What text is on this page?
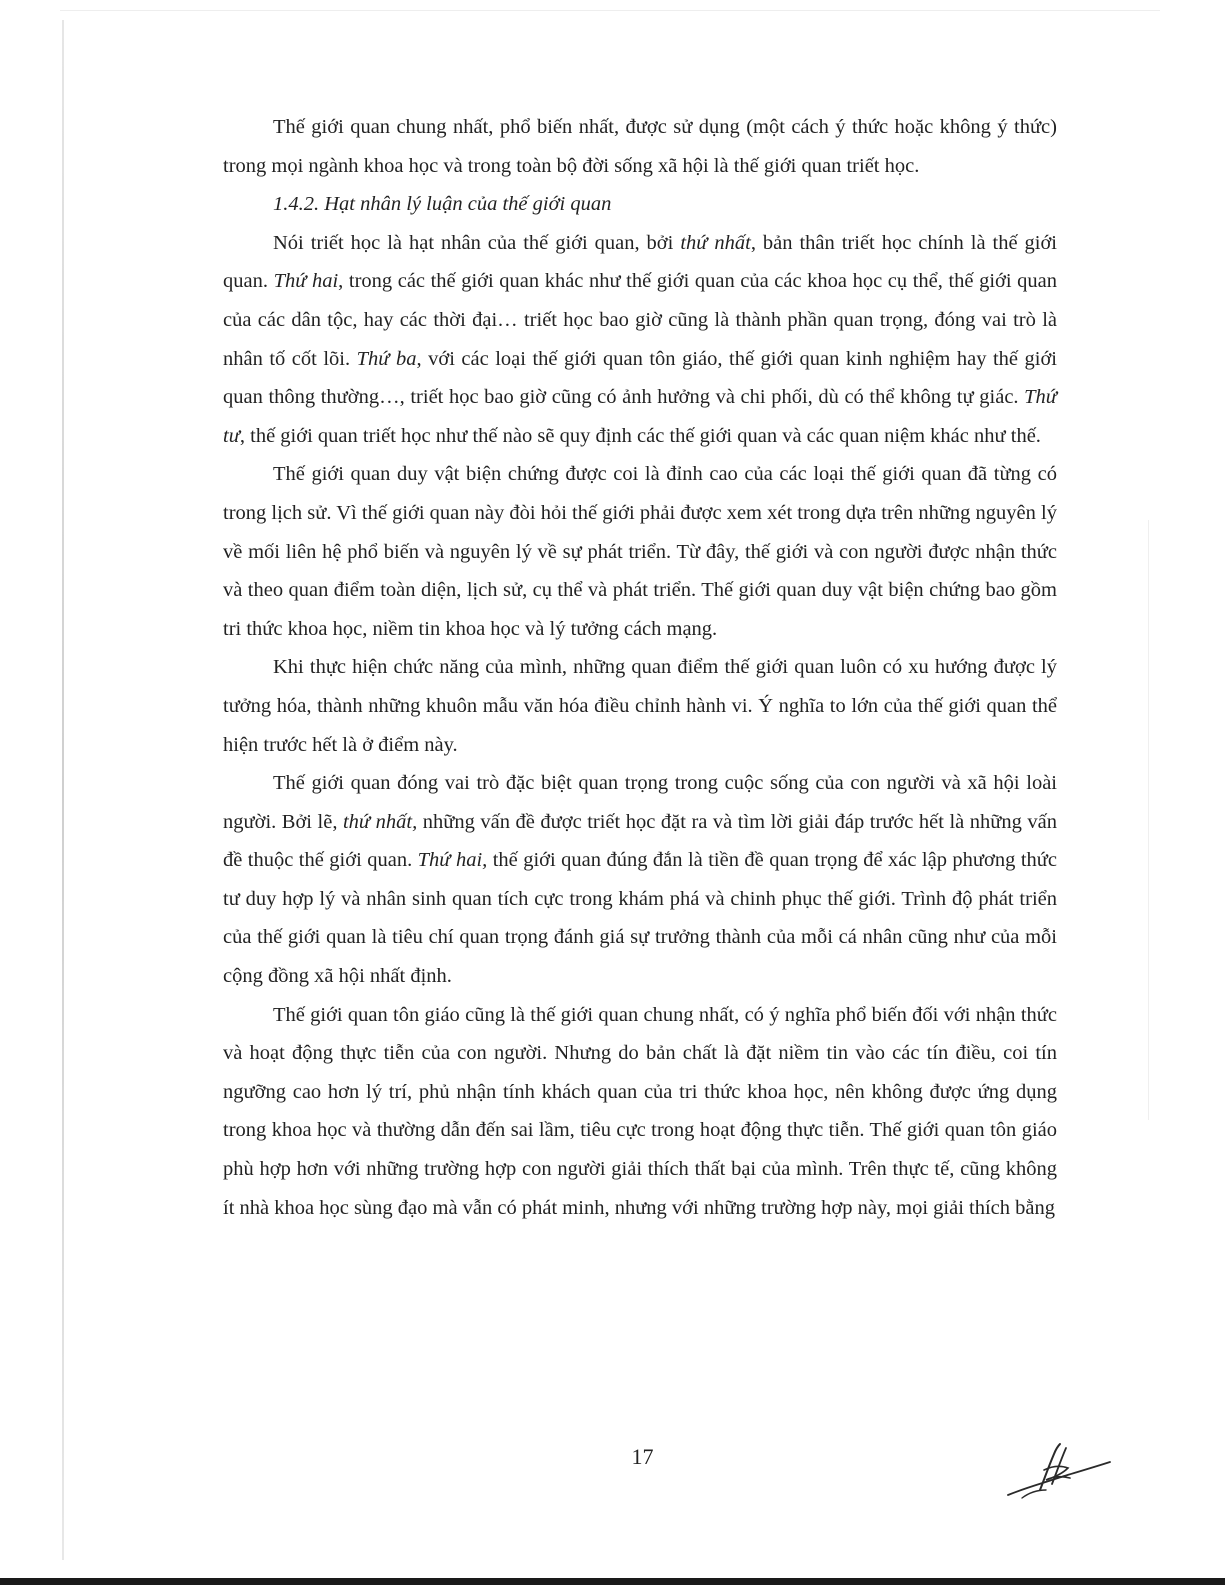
Thế giới quan chung nhất, phổ biến nhất, được sử dụng (một cách ý thức hoặc không ý thức) trong mọi ngành khoa học và trong toàn bộ đời sống xã hội là thế giới quan triết học.

1.4.2. Hạt nhân lý luận của thế giới quan

Nói triết học là hạt nhân của thế giới quan, bởi thứ nhất, bản thân triết học chính là thế giới quan. Thứ hai, trong các thế giới quan khác như thế giới quan của các khoa học cụ thể, thế giới quan của các dân tộc, hay các thời đại… triết học bao giờ cũng là thành phần quan trọng, đóng vai trò là nhân tố cốt lõi. Thứ ba, với các loại thế giới quan tôn giáo, thế giới quan kinh nghiệm hay thế giới quan thông thường…, triết học bao giờ cũng có ảnh hưởng và chi phối, dù có thể không tự giác. Thứ tư, thế giới quan triết học như thế nào sẽ quy định các thế giới quan và các quan niệm khác như thế.

Thế giới quan duy vật biện chứng được coi là đỉnh cao của các loại thế giới quan đã từng có trong lịch sử. Vì thế giới quan này đòi hỏi thế giới phải được xem xét trong dựa trên những nguyên lý về mối liên hệ phổ biến và nguyên lý về sự phát triển. Từ đây, thế giới và con người được nhận thức và theo quan điểm toàn diện, lịch sử, cụ thể và phát triển. Thế giới quan duy vật biện chứng bao gồm tri thức khoa học, niềm tin khoa học và lý tưởng cách mạng.

Khi thực hiện chức năng của mình, những quan điểm thế giới quan luôn có xu hướng được lý tưởng hóa, thành những khuôn mẫu văn hóa điều chỉnh hành vi. Ý nghĩa to lớn của thế giới quan thể hiện trước hết là ở điểm này.

Thế giới quan đóng vai trò đặc biệt quan trọng trong cuộc sống của con người và xã hội loài người. Bởi lẽ, thứ nhất, những vấn đề được triết học đặt ra và tìm lời giải đáp trước hết là những vấn đề thuộc thế giới quan. Thứ hai, thế giới quan đúng đắn là tiền đề quan trọng để xác lập phương thức tư duy hợp lý và nhân sinh quan tích cực trong khám phá và chinh phục thế giới. Trình độ phát triển của thế giới quan là tiêu chí quan trọng đánh giá sự trưởng thành của mỗi cá nhân cũng như của mỗi cộng đồng xã hội nhất định.

Thế giới quan tôn giáo cũng là thế giới quan chung nhất, có ý nghĩa phổ biến đối với nhận thức và hoạt động thực tiễn của con người. Nhưng do bản chất là đặt niềm tin vào các tín điều, coi tín ngưỡng cao hơn lý trí, phủ nhận tính khách quan của tri thức khoa học, nên không được ứng dụng trong khoa học và thường dẫn đến sai lầm, tiêu cực trong hoạt động thực tiễn. Thế giới quan tôn giáo phù hợp hơn với những trường hợp con người giải thích thất bại của mình. Trên thực tế, cũng không ít nhà khoa học sùng đạo mà vẫn có phát minh, nhưng với những trường hợp này, mọi giải thích bằng

17
